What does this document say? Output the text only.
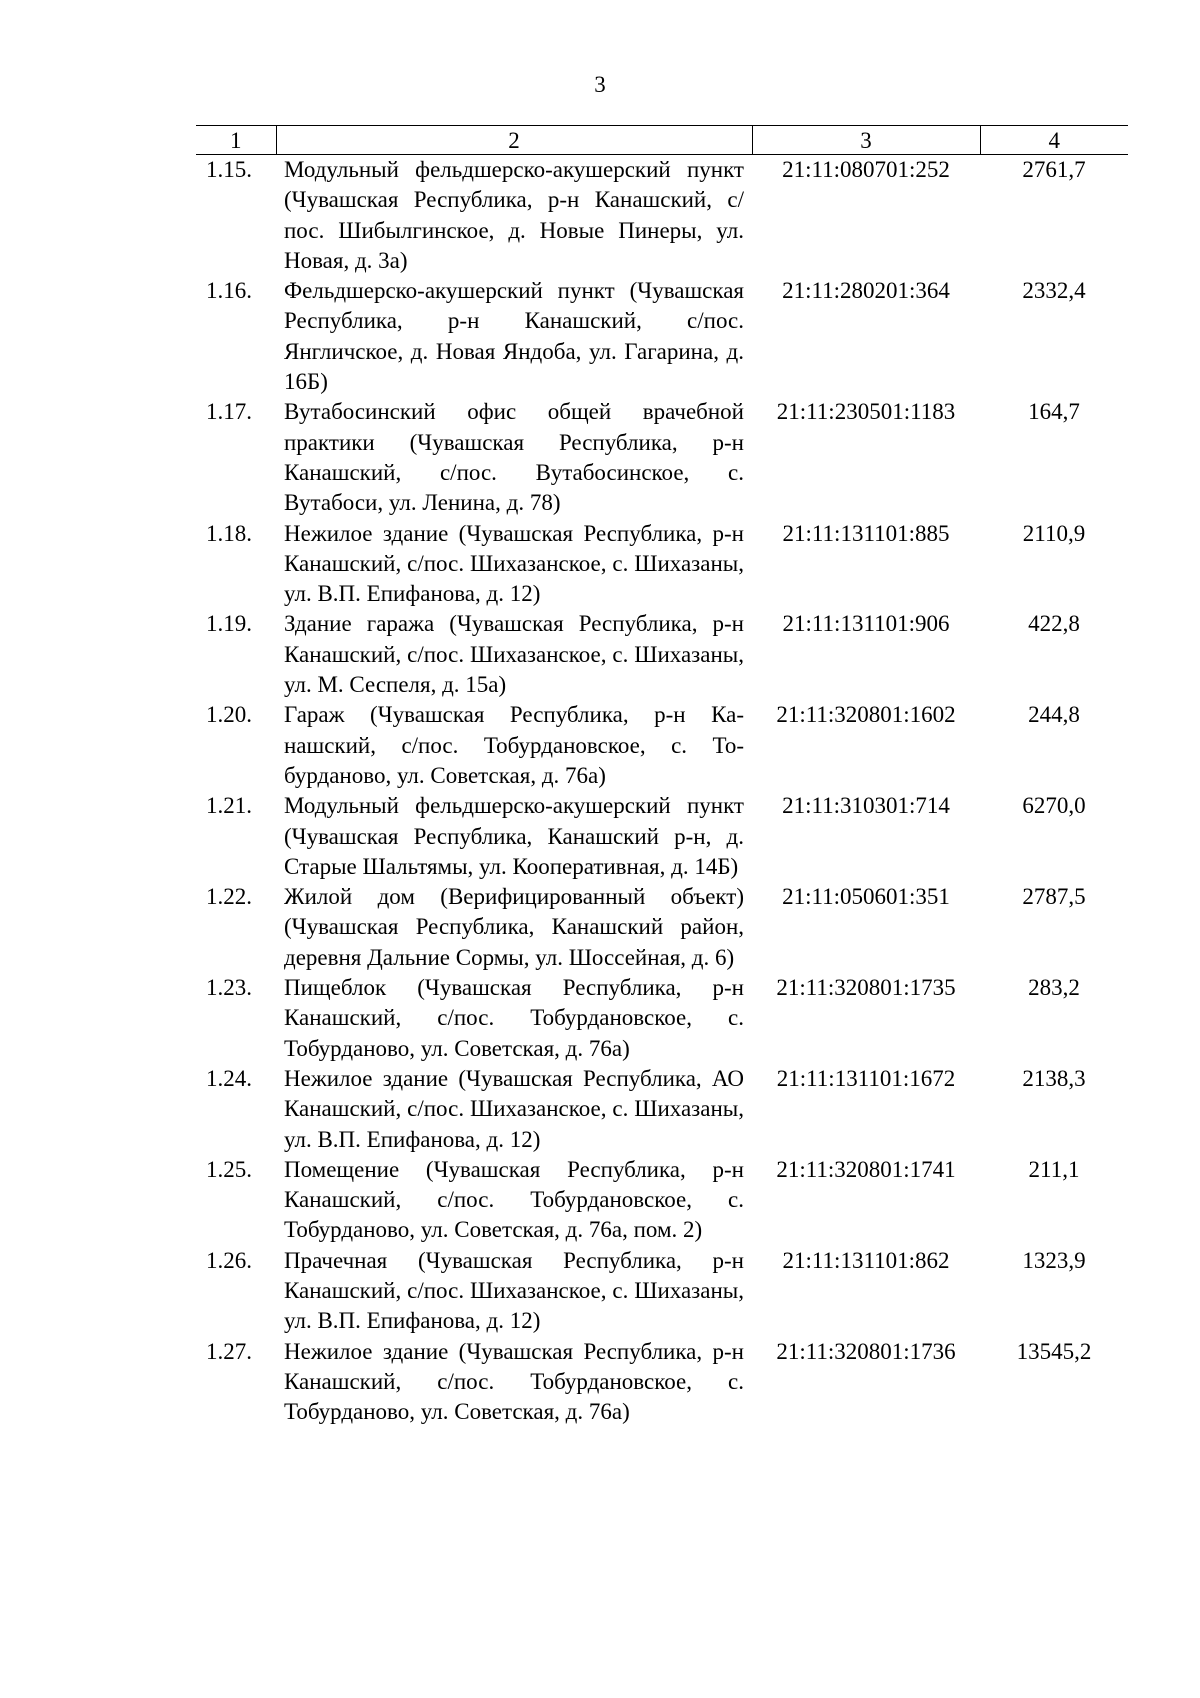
3
1	2	3	4
1.15.	Модульный фельдшерско-акушерский пункт (Чувашская Республика, р-н Канашский, с/пос. Шибылгинское, д. Новые Пинеры, ул. Новая, д. 3а)	21:11:080701:252	2761,7
1.16.	Фельдшерско-акушерский пункт (Чувашская Республика, р-н Канашский, с/пос. Янгличское, д. Новая Яндоба, ул. Гагарина, д. 16Б)	21:11:280201:364	2332,4
1.17.	Вутабосинский офис общей врачебной практики (Чувашская Республика, р-н Канашский, с/пос. Вутабосинское, с. Вутабоси, ул. Ленина, д. 78)	21:11:230501:1183	164,7
1.18.	Нежилое здание (Чувашская Республика, р-н Канашский, с/пос. Шихазанское, с. Шихазаны, ул. В.П. Епифанова, д. 12)	21:11:131101:885	2110,9
1.19.	Здание гаража (Чувашская Республика, р-н Канашский, с/пос. Шихазанское, с. Шихазаны, ул. М. Сеспеля, д. 15а)	21:11:131101:906	422,8
1.20.	Гараж (Чувашская Республика, р-н Канашский, с/пос. Тобурдановское, с. Тобурданово, ул. Советская, д. 76а)	21:11:320801:1602	244,8
1.21.	Модульный фельдшерско-акушерский пункт (Чувашская Республика, Канашский р-н, д. Старые Шальтямы, ул. Кооперативная, д. 14Б)	21:11:310301:714	6270,0
1.22.	Жилой дом (Верифицированный объект) (Чувашская Республика, Канашский район, деревня Дальние Сормы, ул. Шоссейная, д. 6)	21:11:050601:351	2787,5
1.23.	Пищеблок (Чувашская Республика, р-н Канашский, с/пос. Тобурдановское, с. Тобурданово, ул. Советская, д. 76а)	21:11:320801:1735	283,2
1.24.	Нежилое здание (Чувашская Республика, АО Канашский, с/пос. Шихазанское, с. Шихазаны, ул. В.П. Епифанова, д. 12)	21:11:131101:1672	2138,3
1.25.	Помещение (Чувашская Республика, р-н Канашский, с/пос. Тобурдановское, с. Тобурданово, ул. Советская, д. 76а, пом. 2)	21:11:320801:1741	211,1
1.26.	Прачечная (Чувашская Республика, р-н Канашский, с/пос. Шихазанское, с. Шихазаны, ул. В.П. Епифанова, д. 12)	21:11:131101:862	1323,9
1.27.	Нежилое здание (Чувашская Республика, р-н Канашский, с/пос. Тобурдановское, с. Тобурданово, ул. Советская, д. 76а)	21:11:320801:1736	13545,2
